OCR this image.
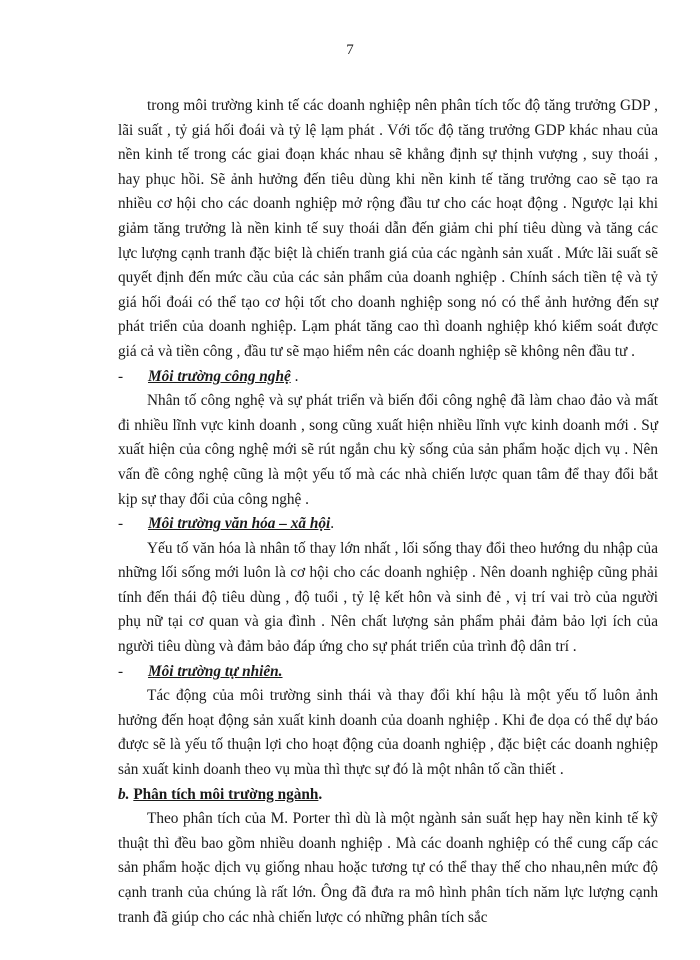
7

trong môi trường kinh tế các doanh nghiệp nên phân tích tốc độ tăng trưởng GDP , lãi suất , tỷ giá hối đoái và tỷ lệ lạm phát . Với tốc độ tăng trưởng GDP khác nhau của nền kinh tế trong các giai đoạn khác nhau sẽ khẳng định sự thịnh vượng , suy thoái , hay phục hồi. Sẽ ảnh hưởng đến tiêu dùng khi nền kinh tế tăng trưởng cao sẽ tạo ra nhiều cơ hội cho các doanh nghiệp mở rộng đầu tư cho các hoạt động . Ngược lại khi giảm tăng trưởng là nền kinh tế suy thoái dẫn đến giảm chi phí tiêu dùng và tăng các lực lượng cạnh tranh đặc biệt là chiến tranh giá của các ngành sản xuất . Mức lãi suất sẽ quyết định đến mức cầu của các sản phẩm của doanh nghiệp . Chính sách tiền tệ và tỷ giá hối đoái có thể tạo cơ hội tốt cho doanh nghiệp song nó có thể ảnh hưởng đến sự phát triển của doanh nghiệp. Lạm phát tăng cao thì doanh nghiệp khó kiểm soát được giá cả và tiền công , đầu tư sẽ mạo hiểm nên các doanh nghiệp sẽ không nên đầu tư .

-	Môi trường công nghệ .

Nhân tố công nghệ và sự phát triển và biến đổi công nghệ đã làm chao đảo và mất đi nhiều lĩnh vực kinh doanh , song cũng xuất hiện nhiều lĩnh vực kinh doanh mới . Sự xuất hiện của công nghệ mới sẽ rút ngắn chu kỳ sống của sản phẩm hoặc dịch vụ . Nên vấn đề công nghệ cũng là một yếu tố mà các nhà chiến lược quan tâm để thay đổi bắt kịp sự thay đổi của công nghệ .

-	Môi trường văn hóa – xã hội.

Yếu tố văn hóa là nhân tố thay lớn nhất , lối sống thay đổi theo hướng du nhập của những lối sống mới luôn là cơ hội cho các doanh nghiệp . Nên doanh nghiệp cũng phải tính đến thái độ tiêu dùng , độ tuổi , tỷ lệ kết hôn và sinh đẻ , vị trí vai trò của người phụ nữ tại cơ quan và gia đình . Nên chất lượng sản phẩm phải đảm bảo lợi ích của người tiêu dùng và đảm bảo đáp ứng cho sự phát triển của trình độ dân trí .

-	Môi trường tự nhiên.

Tác động của môi trường sinh thái và thay đổi khí hậu là một yếu tố luôn ảnh hưởng đến hoạt động sản xuất kinh doanh của doanh nghiệp . Khi đe dọa có thể dự báo được sẽ là yếu tố thuận lợi cho hoạt động của doanh nghiệp , đặc biệt các doanh nghiệp sản xuất kinh doanh theo vụ mùa thì thực sự đó là một nhân tố cần thiết .

b. Phân tích môi trường ngành.

Theo phân tích của M. Porter thì dù là một ngành sản suất hẹp hay nền kinh tế kỹ thuật thì đều bao gồm nhiều doanh nghiệp . Mà các doanh nghiệp có thể cung cấp các sản phẩm hoặc dịch vụ giống nhau hoặc tương tự có thể thay thế cho nhau,nên mức độ cạnh tranh của chúng là rất lớn. Ông đã đưa ra mô hình phân tích năm lực lượng cạnh tranh đã giúp cho các nhà chiến lược có những phân tích sắc
